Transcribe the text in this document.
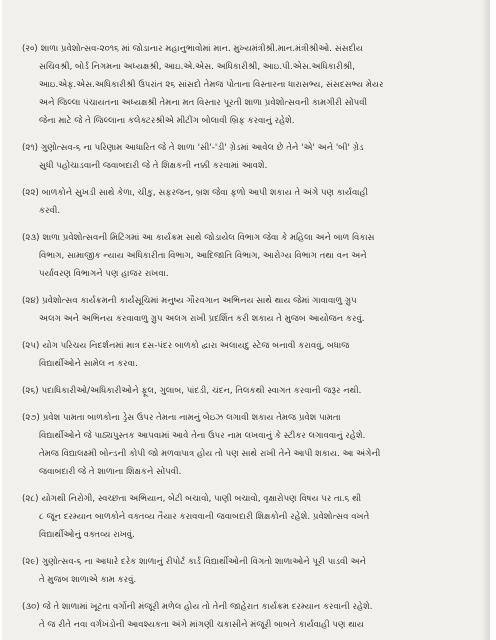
(२०) શાળા પ્રવેશોત્સવ-૨૦૧૬ માં જોડાનાર મહાનુભાવોમાં માન. મુખ્યમંત્રીશ્રી.માન.મંત્રીશ્રીઓ. સંસદીય
સચિવશ્રી, બોર્ડ નિગમના અધ્યક્ષશ્રી, આઇ.એ.એસ. અધિકારીશ્રી, આઇ.પી.એસ.અધિકારીશ્રી,
આઇ.એફ.એસ.અધિકારીશ્રી ઉપરાંત ૨૬ સાંસદો તેમજ પોતાના વિસ્તારના ધારાસભ્ય, સંસદસભ્ય મેયર
અને જિલ્લા પંચાયતના અધ્યક્ષશ્રી તેમના મત વિસ્તાર પૂરતી શાળા પ્રવેશોત્સવની કામગીરી સોંપવી
જેના માટે જે તે જિલ્લાના કલેક્ટરશ્રીએ મીટીંગ બોલાવી બ્રિફ કરવાનું રહેશે.
(૨૧) ગુણોત્સવ-૬ ના પરિણામ આધારિત જે તે શાળા 'સી'-'ડી' ગ્રેડમાં આવેલ છે તેને 'એ' અને 'બી' ગ્રેડ
સુધી પહોંચાડવાની જવાબદારી જે તે શિક્ષકની નક્કી કરવામાં આવશે.
(૨૨) બાળકોને સુખડી સાથે કેળા, ચીકુ, સફરજન, બ્રશ જેવા ફળો આપી શકાય તે અંગે પણ કાર્યવાહી
કરવી.
(૨૩) શાળા પ્રવેશોત્સવની મિટિંગમાં આ કાર્યક્રમ સાથે જોડાયેલ વિભાગ જેવા કે મહિલા અને બાળ વિકાસ
વિભાગ, સામાજીક ન્યાય અધિકારીતા વિભાગ, આદિજાતિ વિભાગ, આરોગ્ય વિભાગ તથા વન અને
પર્યાવરણ વિભાગને પણ હાજર રાખવા.
(૨૪) પ્રવેશોત્સવ કાર્યક્રમની કાર્યસૂચિમાં મનુષ્ય ગૌરવગાન અભિનય સાથે થાય જેમાં ગાવાવાળુ ગ્રુપ
અલગ અને અભિનય કરવાવાળુ ગ્રુપ અલગ રાખી પ્રદર્શિત કરી શકાય તે મુજબ આયોજન કરવું.
(૨૫) યોગ પરિચય નિદર્શનમાં માત્ર દસ-પંદર બાળકો દ્વારા અલાયદુ સ્ટેજ બનાવી કરાવવું, બધાજ
વિદ્યાર્થીઓને સામેલ ન કરવા.
(૨૬) પદાધિકારીઓ/અધિકારીઓને ફૂલ, ગુલાબ, પાંદડી, ચંદન, તિલકથી સ્વાગત કરવાની જરૂર નથી.
(૨૭) પ્રવેશ પામતા બાળકોના ડ્રેસ ઉપર તેમના નામનું બેઇઝ લગાવી શકાય તેમજ પ્રવેશ પામતા
વિદ્યાર્થીઓને જે પાઠ્યપુસ્તક આપવામાં આવે તેના ઉપર નામ લખવાનું કે સ્ટીકર લગાવવાનું રહેશે.
તેમજ વિદ્યાલક્ષ્મી બોન્ડની કોપી જો મળવાપાત્ર હોય તો પણ સાથે રાખી તેને આપી શકાય. આ અંગેની
જવાબદારી જે તે શાળાના શિક્ષકને સોંપવી.
(૨૮) યોગથી નિરોગી, સ્વચ્છતા અભિયાન, બેટી બચાવો, પાણી બચાવો, વૃક્ષારોપણ વિષય પર તા.૬ થી
૮ જૂન દરમ્યાન બાળકોને વક્તવ્ય તૈયાર કરાવવાની જવાબદારી શિક્ષકોની રહેશે. પ્રવેશોત્સવ વખતે
વિદ્યાર્થીઓનું વક્તવ્ય રાખવું.
(૨૯) ગુણોત્સવ-૬ ના આધારે દરેક શાળાનું રીપોર્ટ કાર્ડ વિદ્યાર્થીઓની વિગતો શાળાઓને પૂરી પાડવી અને
તે મુજબ શાળાએ કામ કરવું.
(૩૦) જે તે શાળામાં ખૂટતા વર્ગોની મંજૂરી મળેલ હોય તો તેની જાહેરાત કાર્યક્રમ દરમ્યાન કરવાની રહેશે.
તે જ રીતે નવા વર્ગખંડોની આવશ્યકતા અંગે માંગણી ચકાસીને મંજૂરી બાબતે કાર્યવાહી પણ થાય
